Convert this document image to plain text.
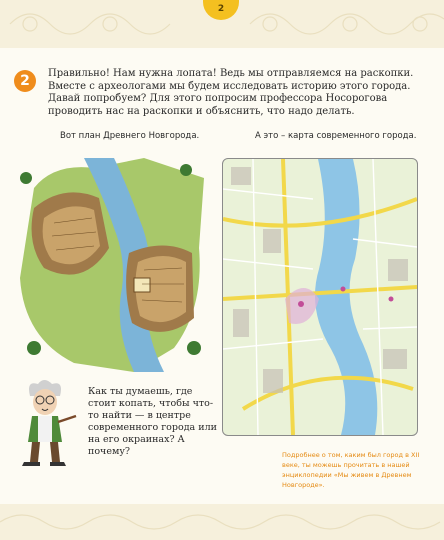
2
2	Правильно! Нам нужна лопата! Ведь мы отправляемся на раскопки. Вместе с археологами мы будем исследовать историю этого города. Давай попробуем? Для этого попросим профессора Носорогова проводить нас на раскопки и объяснить, что надо делать.

Вот план Древнего Новгорода.	А это – карта современного города.

Как ты думаешь, где стоит копать, чтобы что-то найти — в центре современного города или на его окраинах? А почему?	Подробнее о том, каким был город в XII веке, ты можешь прочитать в нашей энциклопедии «Мы живем в Древнем Новгороде».
